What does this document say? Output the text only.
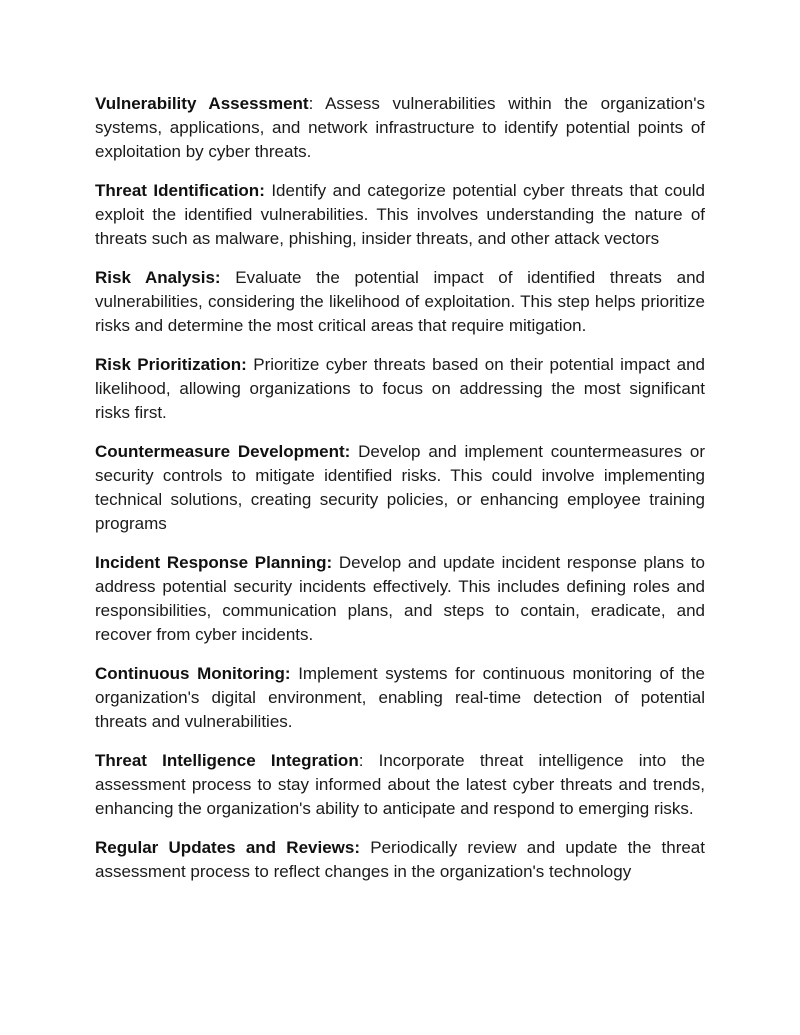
Vulnerability Assessment: Assess vulnerabilities within the organization's systems, applications, and network infrastructure to identify potential points of exploitation by cyber threats.

Threat Identification: Identify and categorize potential cyber threats that could exploit the identified vulnerabilities. This involves understanding the nature of threats such as malware, phishing, insider threats, and other attack vectors

Risk Analysis: Evaluate the potential impact of identified threats and vulnerabilities, considering the likelihood of exploitation. This step helps prioritize risks and determine the most critical areas that require mitigation.

Risk Prioritization: Prioritize cyber threats based on their potential impact and likelihood, allowing organizations to focus on addressing the most significant risks first.

Countermeasure Development: Develop and implement countermeasures or security controls to mitigate identified risks. This could involve implementing technical solutions, creating security policies, or enhancing employee training programs

Incident Response Planning: Develop and update incident response plans to address potential security incidents effectively. This includes defining roles and responsibilities, communication plans, and steps to contain, eradicate, and recover from cyber incidents.

Continuous Monitoring: Implement systems for continuous monitoring of the organization's digital environment, enabling real-time detection of potential threats and vulnerabilities.

Threat Intelligence Integration: Incorporate threat intelligence into the assessment process to stay informed about the latest cyber threats and trends, enhancing the organization's ability to anticipate and respond to emerging risks.

Regular Updates and Reviews: Periodically review and update the threat assessment process to reflect changes in the organization's technology
